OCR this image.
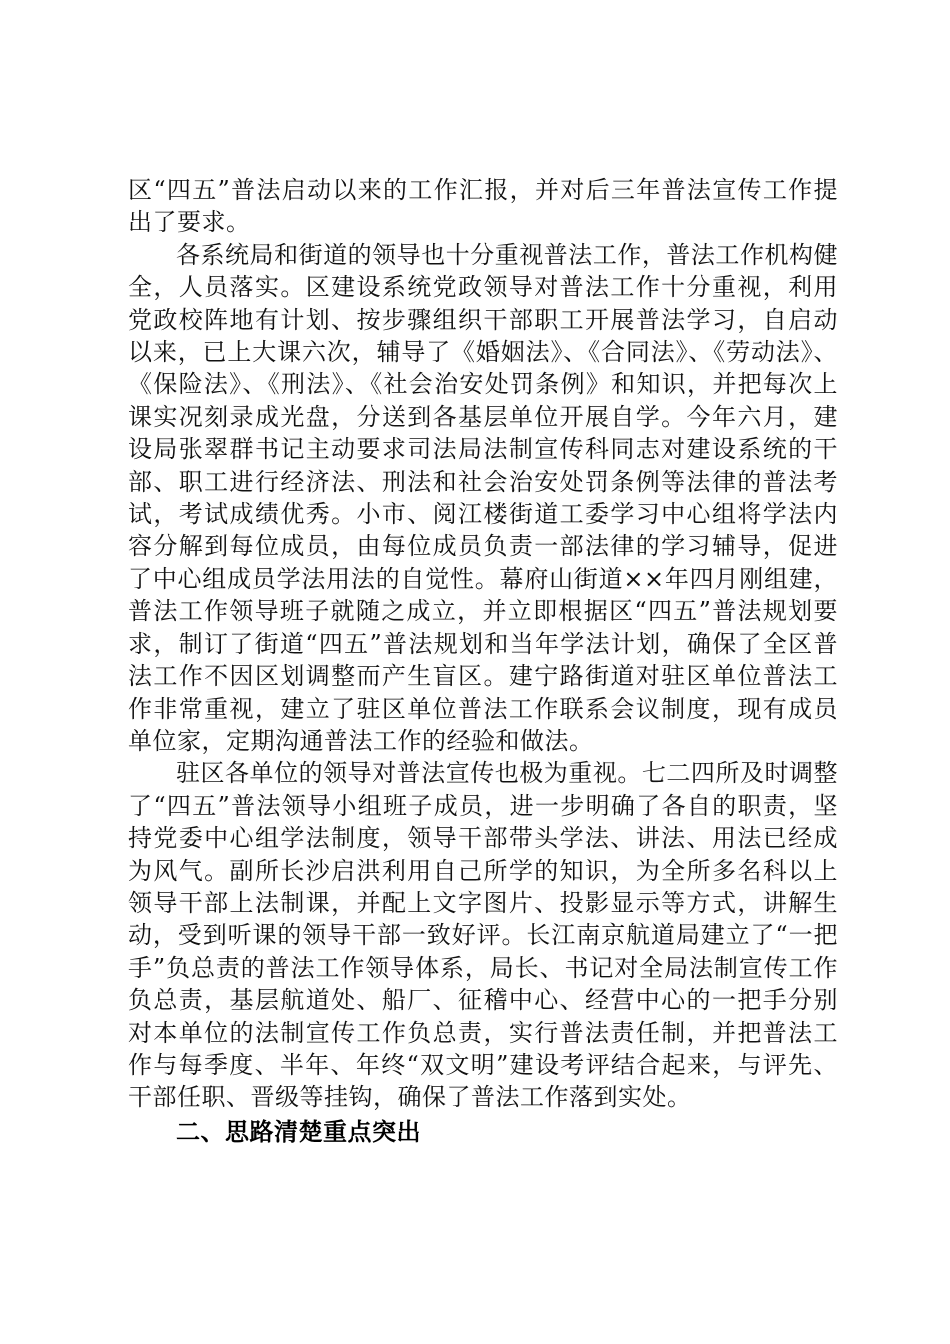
区“四五”普法启动以来的工作汇报，并对后三年普法宣传工作提出了要求。

各系统局和街道的领导也十分重视普法工作，普法工作机构健全，人员落实。区建设系统党政领导对普法工作十分重视，利用党政校阵地有计划、按步骤组织干部职工开展普法学习，自启动以来，已上大课六次，辅导了《婚姻法》、《合同法》、《劳动法》、《保险法》、《刑法》、《社会治安处罚条例》和知识，并把每次上课实况刻录成光盘，分送到各基层单位开展自学。今年六月，建设局张翠群书记主动要求司法局法制宣传科同志对建设系统的干部、职工进行经济法、刑法和社会治安处罚条例等法律的普法考试，考试成绩优秀。小市、阅江楼街道工委学习中心组将学法内容分解到每位成员，由每位成员负责一部法律的学习辅导，促进了中心组成员学法用法的自觉性。幕府山街道××年四月刚组建，普法工作领导班子就随之成立，并立即根据区“四五”普法规划要求，制订了街道“四五”普法规划和当年学法计划，确保了全区普法工作不因区划调整而产生盲区。建宁路街道对驻区单位普法工作非常重视，建立了驻区单位普法工作联系会议制度，现有成员单位家，定期沟通普法工作的经验和做法。

驻区各单位的领导对普法宣传也极为重视。七二四所及时调整了“四五”普法领导小组班子成员，进一步明确了各自的职责，坚持党委中心组学法制度，领导干部带头学法、讲法、用法已经成为风气。副所长沙启洪利用自己所学的知识，为全所多名科以上领导干部上法制课，并配上文字图片、投影显示等方式，讲解生动，受到听课的领导干部一致好评。长江南京航道局建立了“一把手”负总责的普法工作领导体系，局长、书记对全局法制宣传工作负总责，基层航道处、船厂、征稽中心、经营中心的一把手分别对本单位的法制宣传工作负总责，实行普法责任制，并把普法工作与每季度、半年、年终“双文明”建设考评结合起来，与评先、干部任职、晋级等挂钩，确保了普法工作落到实处。

二、思路清楚重点突出
